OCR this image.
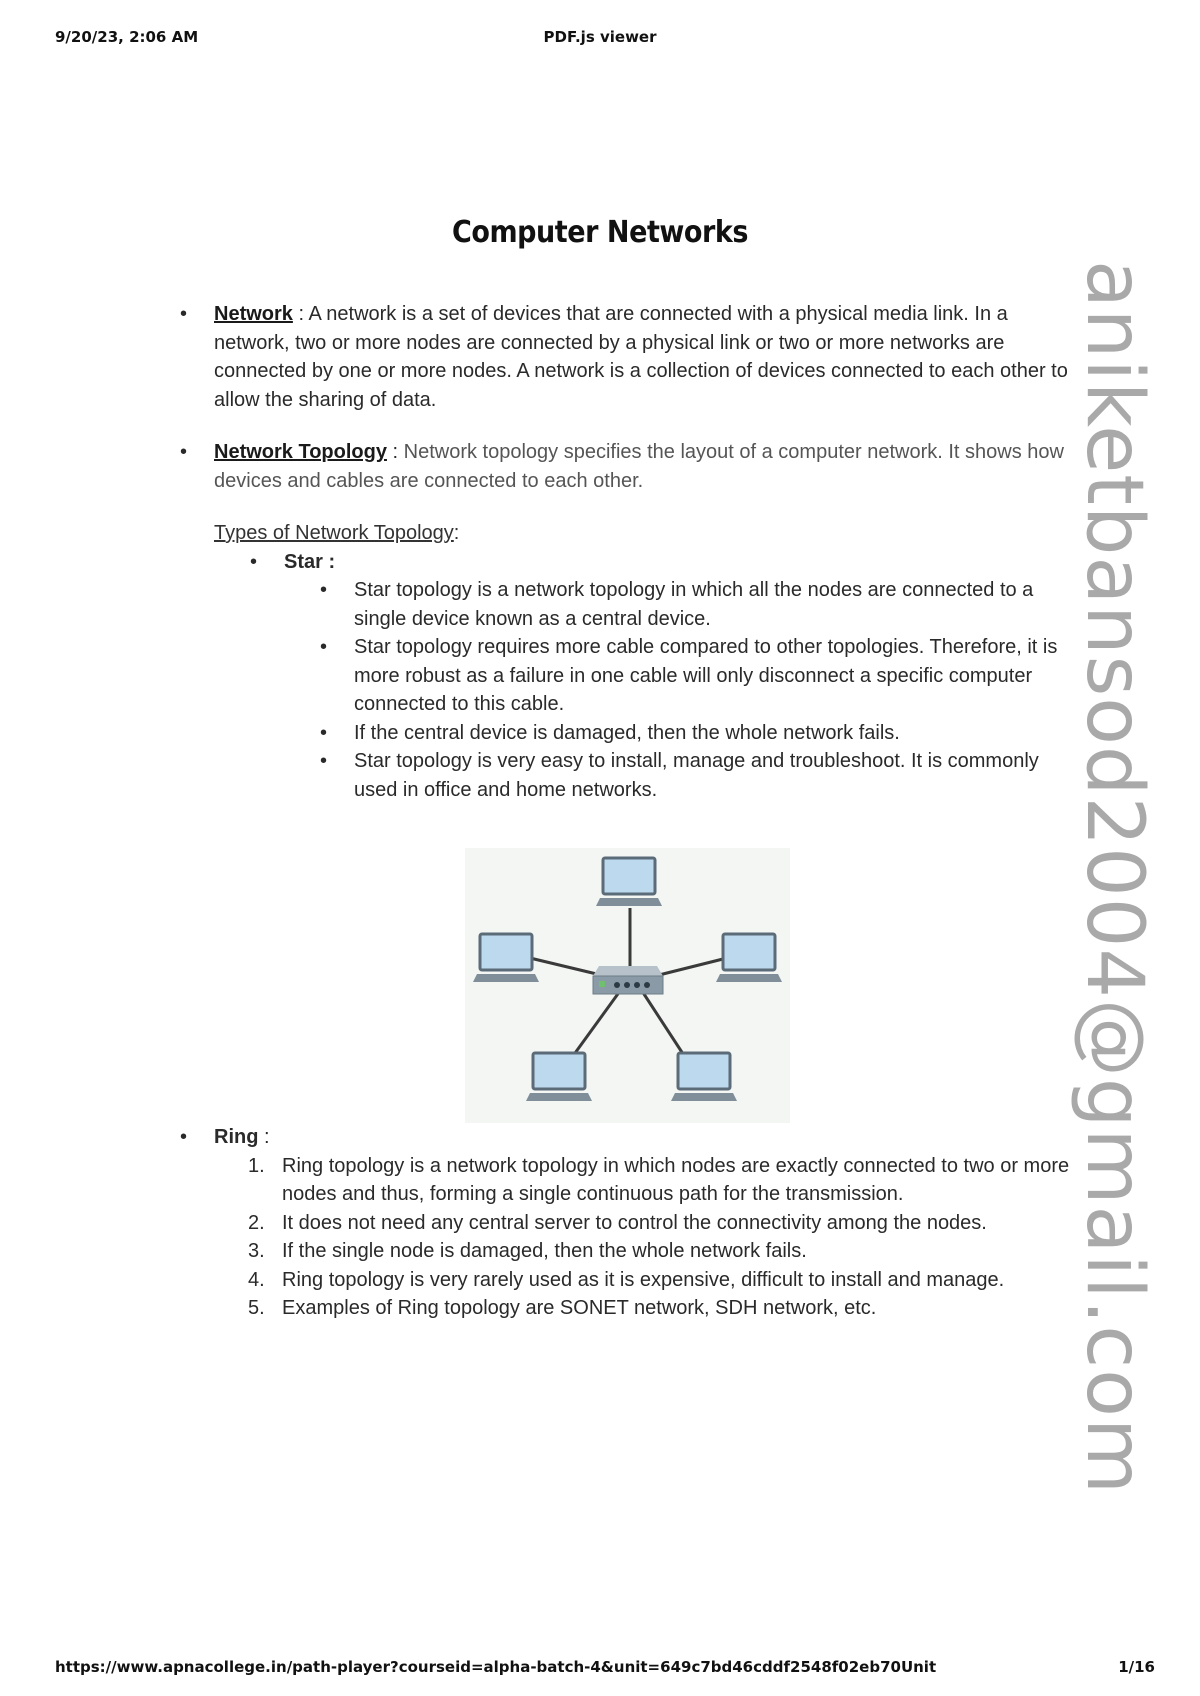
9/20/23, 2:06 AM	PDF.js viewer
Computer Networks
• Network : A network is a set of devices that are connected with a physical media link. In a network, two or more nodes are connected by a physical link or two or more networks are connected by one or more nodes. A network is a collection of devices connected to each other to allow the sharing of data.
• Network Topology : Network topology specifies the layout of a computer network. It shows how devices and cables are connected to each other.
Types of Network Topology:
• Star :
• Star topology is a network topology in which all the nodes are connected to a single device known as a central device.
• Star topology requires more cable compared to other topologies. Therefore, it is more robust as a failure in one cable will only disconnect a specific computer connected to this cable.
• If the central device is damaged, then the whole network fails.
• Star topology is very easy to install, manage and troubleshoot. It is commonly used in office and home networks.
• Ring :
1. Ring topology is a network topology in which nodes are exactly connected to two or more nodes and thus, forming a single continuous path for the transmission.
2. It does not need any central server to control the connectivity among the nodes.
3. If the single node is damaged, then the whole network fails.
4. Ring topology is very rarely used as it is expensive, difficult to install and manage.
5. Examples of Ring topology are SONET network, SDH network, etc.	aniketbansod2004@gmail.com
https://www.apnacollege.in/path-player?courseid=alpha-batch-4&unit=649c7bd46cddf2548f02eb70Unit	1/16
